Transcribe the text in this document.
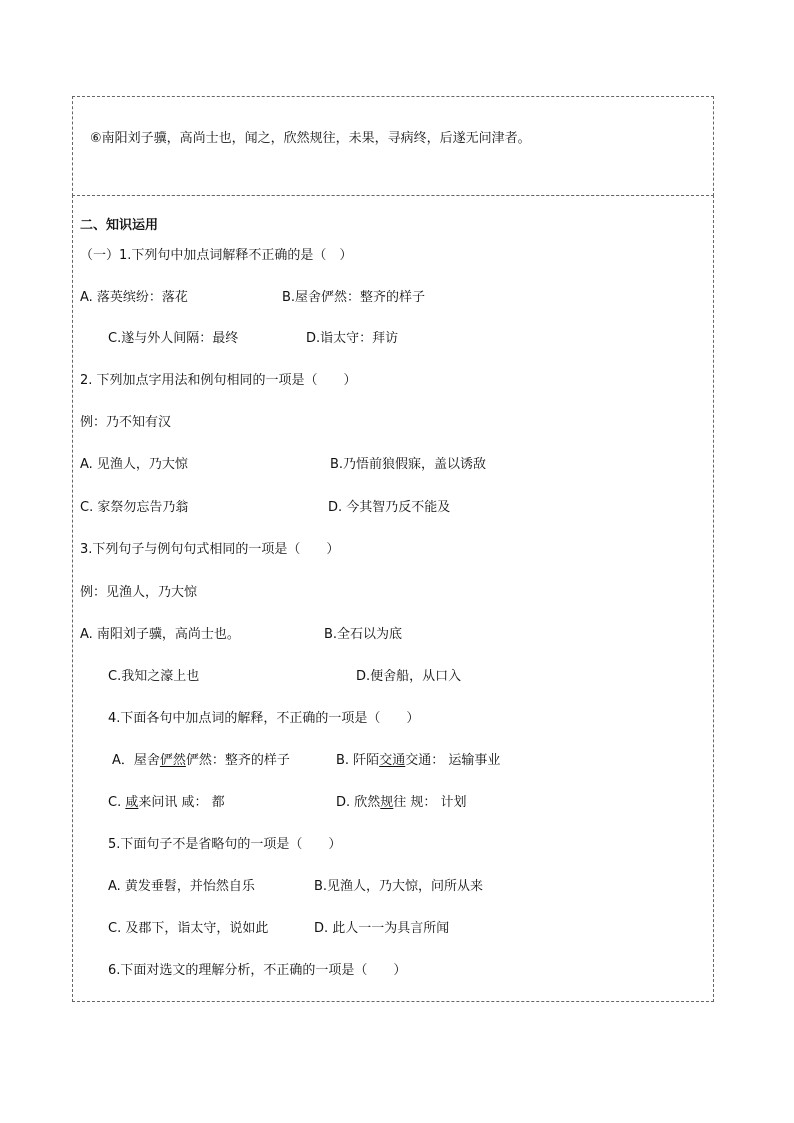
⑥南阳刘子骥，高尚士也，闻之，欣然规往，未果，寻病终，后遂无问津者。
二、知识运用
（一）1.下列句中加点词解释不正确的是（　）
A. 落英缤纷：落花	B.屋舍俨然：整齐的样子
C.遂与外人间隔：最终	D.诣太守：拜访
2. 下列加点字用法和例句相同的一项是（　　）
例：乃不知有汉
A. 见渔人，乃大惊	B.乃悟前狼假寐，盖以诱敌
C. 家祭勿忘告乃翁	D. 今其智乃反不能及
3.下列句子与例句句式相同的一项是（　　）
例：见渔人，乃大惊
A. 南阳刘子骥，高尚士也。	B.全石以为底
C.我知之濠上也	D.便舍船，从口入
4.下面各句中加点词的解释，不正确的一项是（　　）
A．屋舍俨然俨然：整齐的样子	B. 阡陌交通交通： 运输事业
C. 咸来问讯 咸： 都	D. 欣然规往 规： 计划
5.下面句子不是省略句的一项是（　　）
A. 黄发垂髫，并怡然自乐	B.见渔人，乃大惊，问所从来
C. 及郡下，诣太守，说如此	D. 此人一一为具言所闻
6.下面对选文的理解分析，不正确的一项是（　　）
